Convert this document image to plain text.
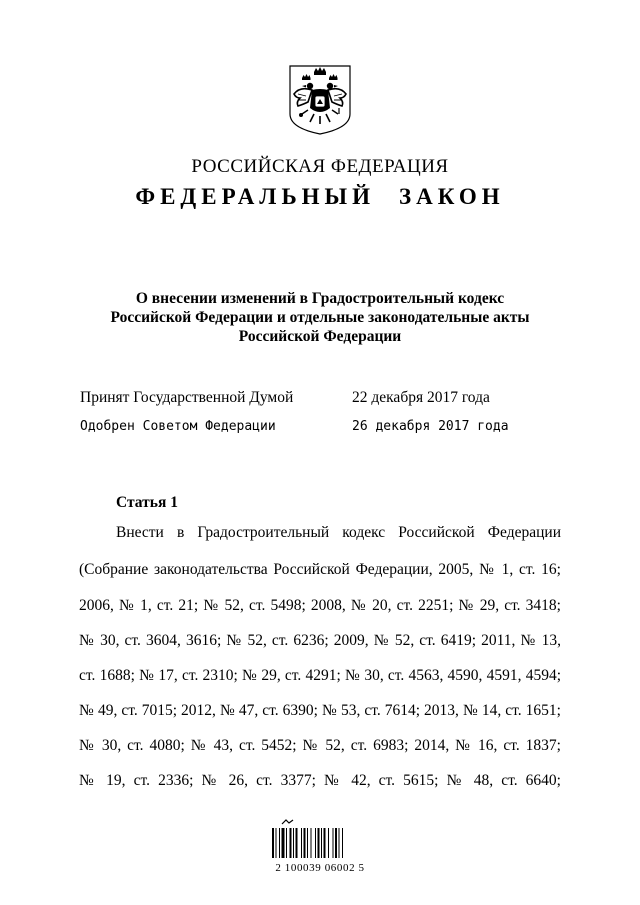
РОССИЙСКАЯ ФЕДЕРАЦИЯ
ФЕДЕРАЛЬНЫЙ ЗАКОН
О внесении изменений в Градостроительный кодекс
Российской Федерации и отдельные законодательные акты
Российской Федерации
Принят Государственной Думой	22 декабря 2017 года
Одобрен Советом Федерации	26 декабря 2017 года
Статья 1
Внести в Градостроительный кодекс Российской Федерации
(Собрание законодательства Российской Федерации, 2005, № 1, ст. 16;
2006, № 1, ст. 21; № 52, ст. 5498; 2008, № 20, ст. 2251; № 29, ст. 3418;
№ 30, ст. 3604, 3616; № 52, ст. 6236; 2009, № 52, ст. 6419; 2011, № 13,
ст. 1688; № 17, ст. 2310; № 29, ст. 4291; № 30, ст. 4563, 4590, 4591, 4594;
№ 49, ст. 7015; 2012, № 47, ст. 6390; № 53, ст. 7614; 2013, № 14, ст. 1651;
№ 30, ст. 4080; № 43, ст. 5452; № 52, ст. 6983; 2014, № 16, ст. 1837;
№ 19, ст. 2336; № 26, ст. 3377; № 42, ст. 5615; № 48, ст. 6640;
2 100039 06002 5
